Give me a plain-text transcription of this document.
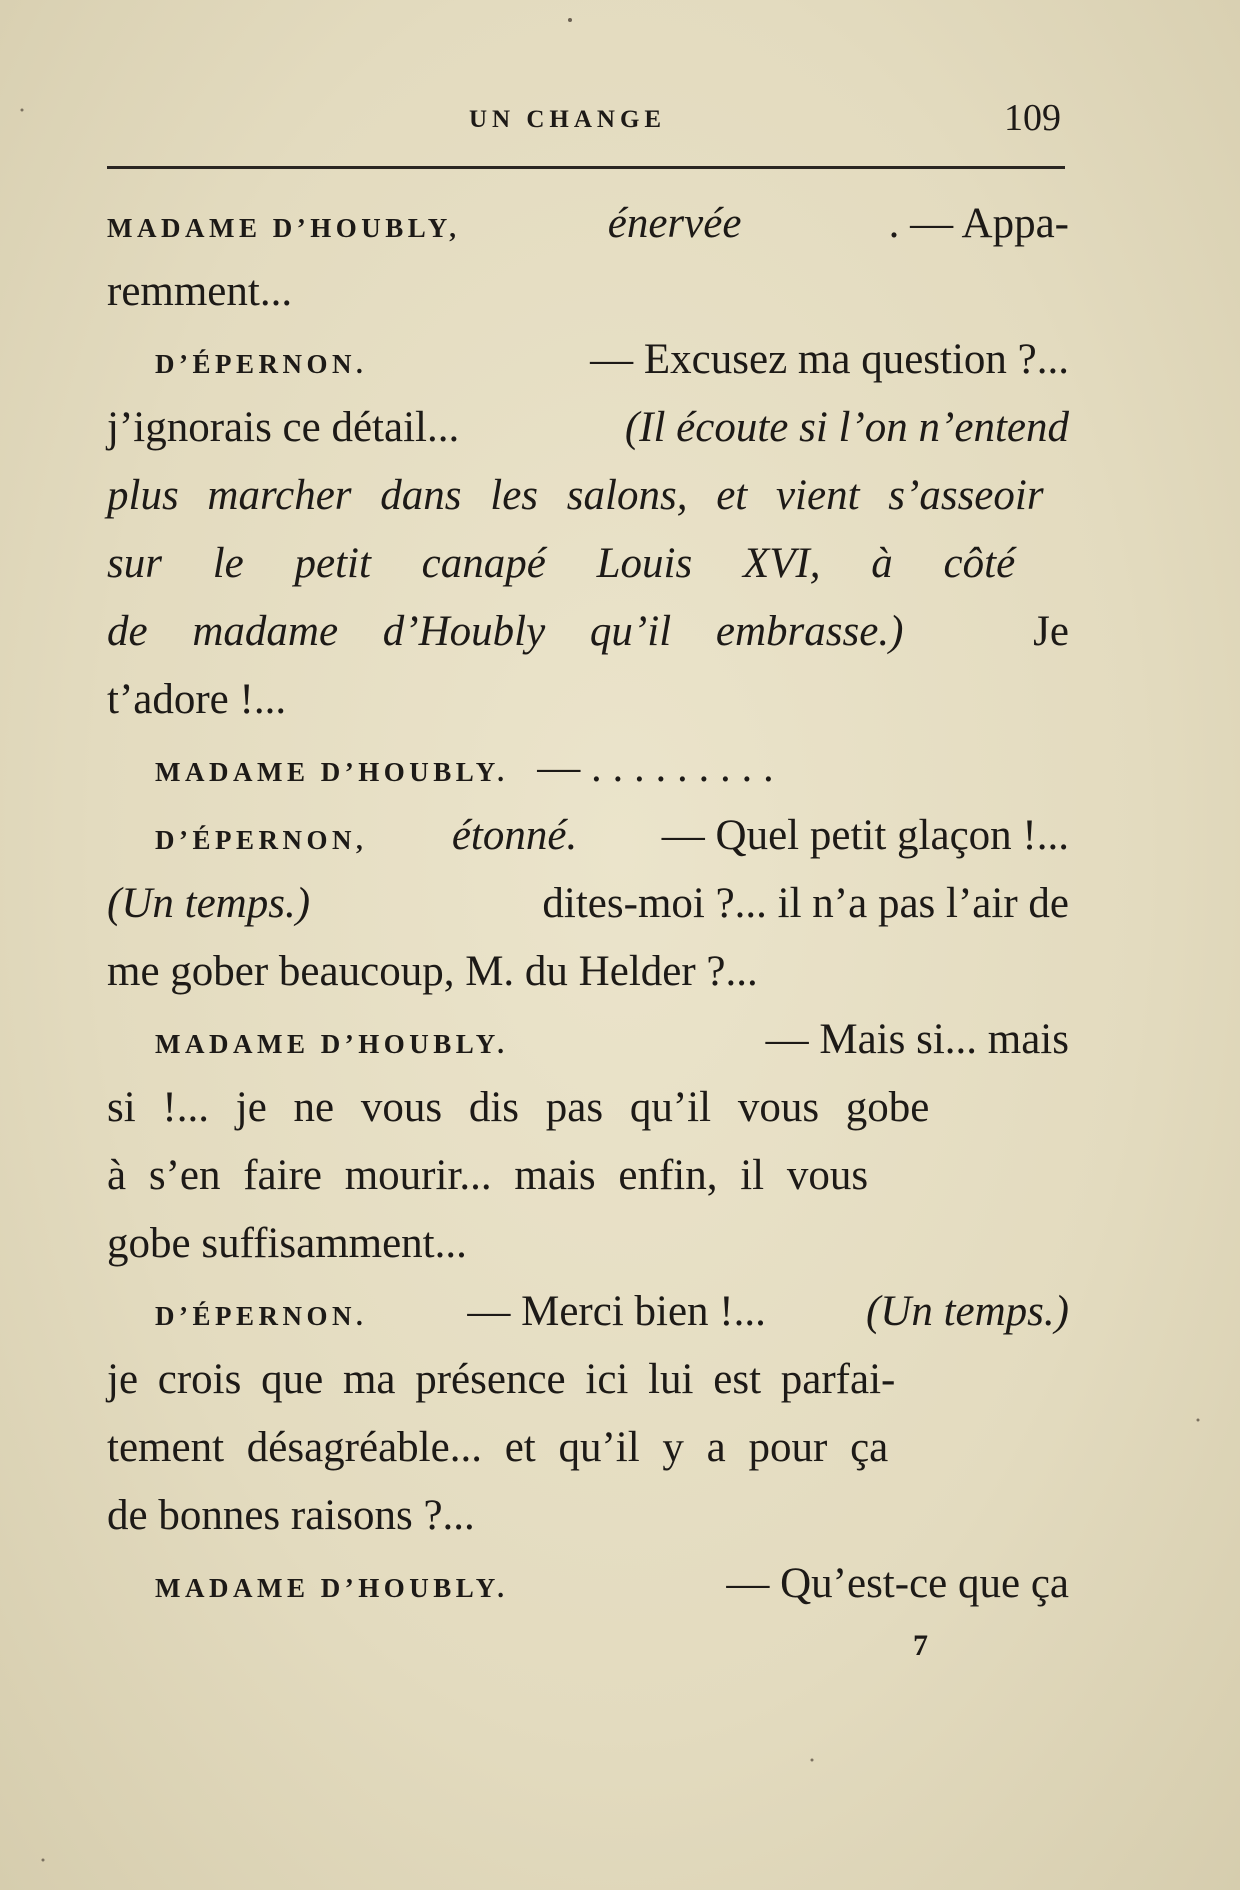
UN CHANGE	109
MADAME D’HOUBLY,	énervée	. — Appa-
remment...
D’ÉPERNON.	— Excusez ma question ?...
j’ignorais ce détail...	(Il écoute si l’on n’entend
plus marcher dans les salons, et vient s’asseoir
sur le petit canapé Louis XVI, à côté
de madame d’Houbly qu’il embrasse.)	Je
t’adore !...
MADAME D’HOUBLY. — . . . . . . . . .
D’ÉPERNON, étonné. — Quel petit glaçon !...
(Un temps.)	dites-moi ?... il n’a pas l’air de
me gober beaucoup, M. du Helder ?...
MADAME D’HOUBLY.	— Mais si... mais
si !... je ne vous dis pas qu’il vous gobe
à s’en faire mourir... mais enfin, il vous
gobe suffisamment...
D’ÉPERNON. — Merci bien !... (Un temps.)
je crois que ma présence ici lui est parfai-
tement désagréable... et qu’il y a pour ça
de bonnes raisons ?...
MADAME D’HOUBLY.	— Qu’est-ce que ça
7
